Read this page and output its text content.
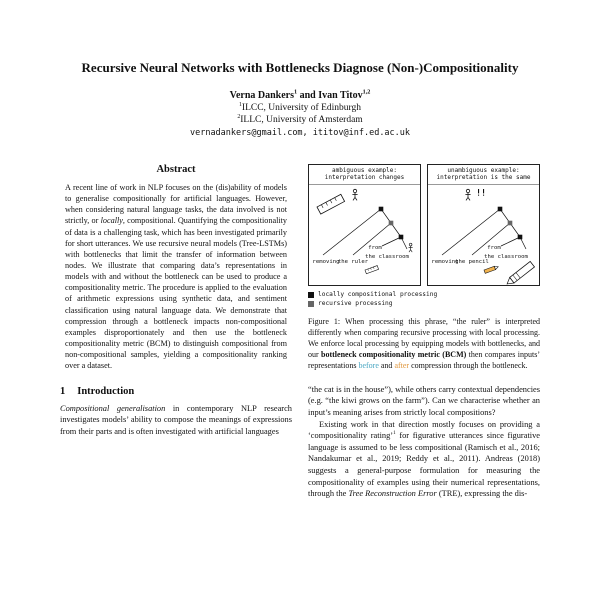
Recursive Neural Networks with Bottlenecks Diagnose (Non-)Compositionality
Verna Dankers$^1$ and Ivan Titov$^{1,2}$
$^1$ILCC, University of Edinburgh
$^2$ILLC, University of Amsterdam
vernadankers@gmail.com, ititov@inf.ed.ac.uk
Abstract

A recent line of work in NLP focuses on the (dis)ability of models to generalise compositionally for artificial languages. However, when considering natural language tasks, the data involved is not strictly, or locally, compositional. Quantifying the compositionality of data is a challenging task, which has been investigated primarily for short utterances. We use recursive neural models (Tree-LSTMs) with bottlenecks that limit the transfer of information between nodes. We illustrate that comparing data’s representations in models with and without the bottleneck can be used to produce a compositionality metric. The procedure is applied to the evaluation of arithmetic expressions using synthetic data, and sentiment classification using natural language data. We demonstrate that compression through a bottleneck impacts non-compositional examples disproportionately and then use the bottleneck compositionality metric (BCM) to distinguish compositional from non-compositional samples, yielding a compositionality ranking over a dataset.

1 Introduction

Compositional generalisation in contemporary NLP research investigates models’ ability to compose the meanings of expressions from their parts and is often investigated with artificial languages

ambiguous example:
interpretation changes
removing
the ruler
from
the classroom
unambiguous example:
interpretation is the same
removing
the pencil
from
the classroom
locally compositional processing
recursive processing

Figure 1: When processing this phrase, “the ruler” is interpreted differently when comparing recursive processing with local processing. We enforce local processing by equipping models with bottlenecks, and our bottleneck compositionality metric (BCM) then compares inputs’ representations before and after compression through the bottleneck.

“the cat is in the house”), while others carry contextual dependencies (e.g. “the kiwi grows on the farm”). Can we characterise whether an input’s meaning arises from strictly local compositions?

Existing work in that direction mostly focuses on providing a ‘compositionality rating’$^1$ for figurative utterances since figurative language is assumed to be less compositional (Ramisch et al., 2016; Nandakumar et al., 2019; Reddy et al., 2011). Andreas (2018) suggests a general-purpose formulation for measuring the compositionality of examples using their numerical representations, through the Tree Reconstruction Error (TRE), expressing the dis-
